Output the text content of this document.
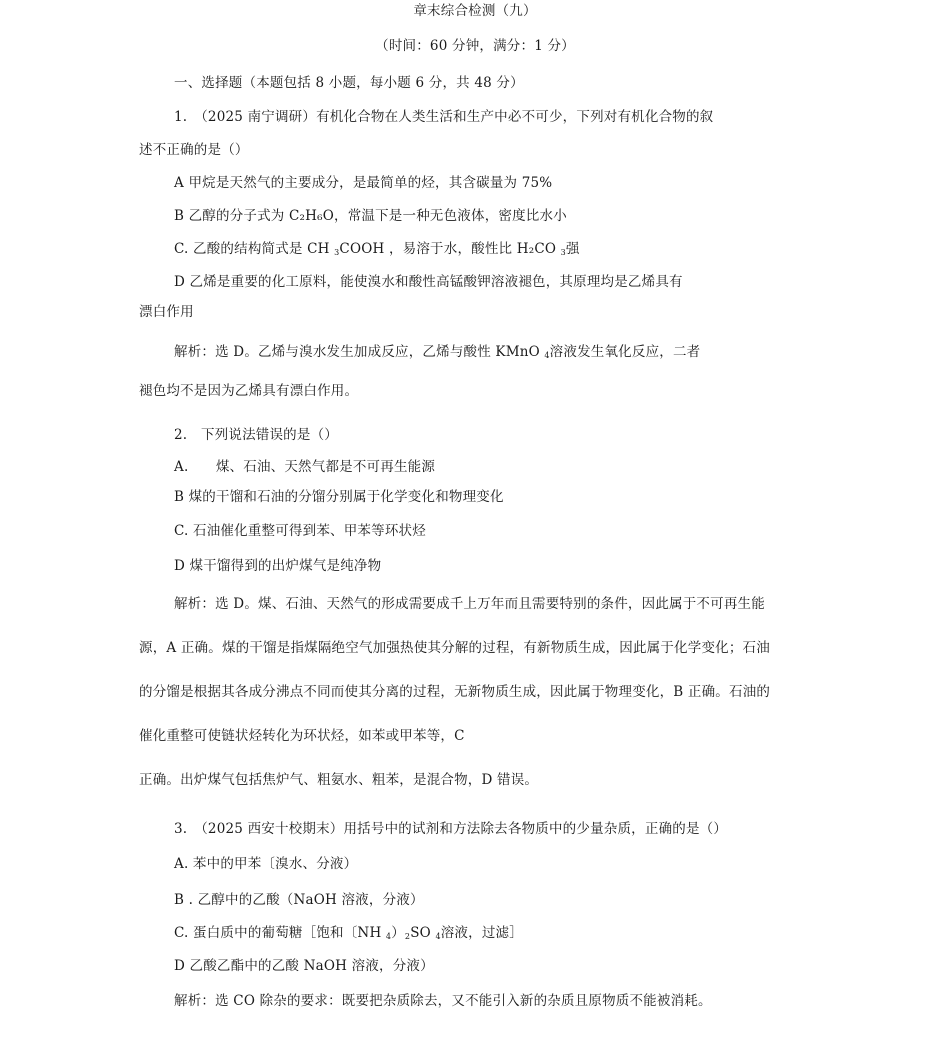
章末综合检测（九）
（时间：60 分钟，满分：1 分）
一、选择题（本题包括 8 小题，每小题 6 分，共 48 分）
1.　（2025 南宁调研）有机化合物在人类生活和生产中必不可少，下列对有机化合物的叙
述不正确的是（）
A 甲烷是天然气的主要成分，是最简单的烃，其含碳量为 75%
B 乙醇的分子式为 C₂H₆O，常温下是一种无色液体，密度比水小
C. 乙酸的结构简式是 CH $_3$COOH ，易溶于水，酸性比 H₂CO $_3$强
D 乙烯是重要的化工原料，能使溴水和酸性高锰酸钾溶液褪色，其原理均是乙烯具有
漂白作用
解析：选 D。乙烯与溴水发生加成反应，乙烯与酸性 KMnO $_4$溶液发生氧化反应，二者
褪色均不是因为乙烯具有漂白作用。
2.　下列说法错误的是（）
A.　　煤、石油、天然气都是不可再生能源
B 煤的干馏和石油的分馏分别属于化学变化和物理变化
C. 石油催化重整可得到苯、甲苯等环状烃
D 煤干馏得到的出炉煤气是纯净物
解析：选 D。煤、石油、天然气的形成需要成千上万年而且需要特别的条件，因此属于不可再生能
源，A 正确。煤的干馏是指煤隔绝空气加强热使其分解的过程，有新物质生成，因此属于化学变化；石油
的分馏是根据其各成分沸点不同而使其分离的过程，无新物质生成，因此属于物理变化，B 正确。石油的
催化重整可使链状烃转化为环状烃，如苯或甲苯等，C
正确。出炉煤气包括焦炉气、粗氨水、粗苯，是混合物，D 错误。
3.　（2025 西安十校期末）用括号中的试剂和方法除去各物质中的少量杂质，正确的是（）
A. 苯中的甲苯〔溴水、分液）
B . 乙醇中的乙酸（NaOH 溶液，分液）
C. 蛋白质中的葡萄糖［饱和〔NH $_4)_2SO$ $_4$溶液，过滤］
D 乙酸乙酯中的乙酸 NaOH 溶液，分液）
解析：选 CO 除杂的要求：既要把杂质除去，又不能引入新的杂质且原物质不能被消耗。
